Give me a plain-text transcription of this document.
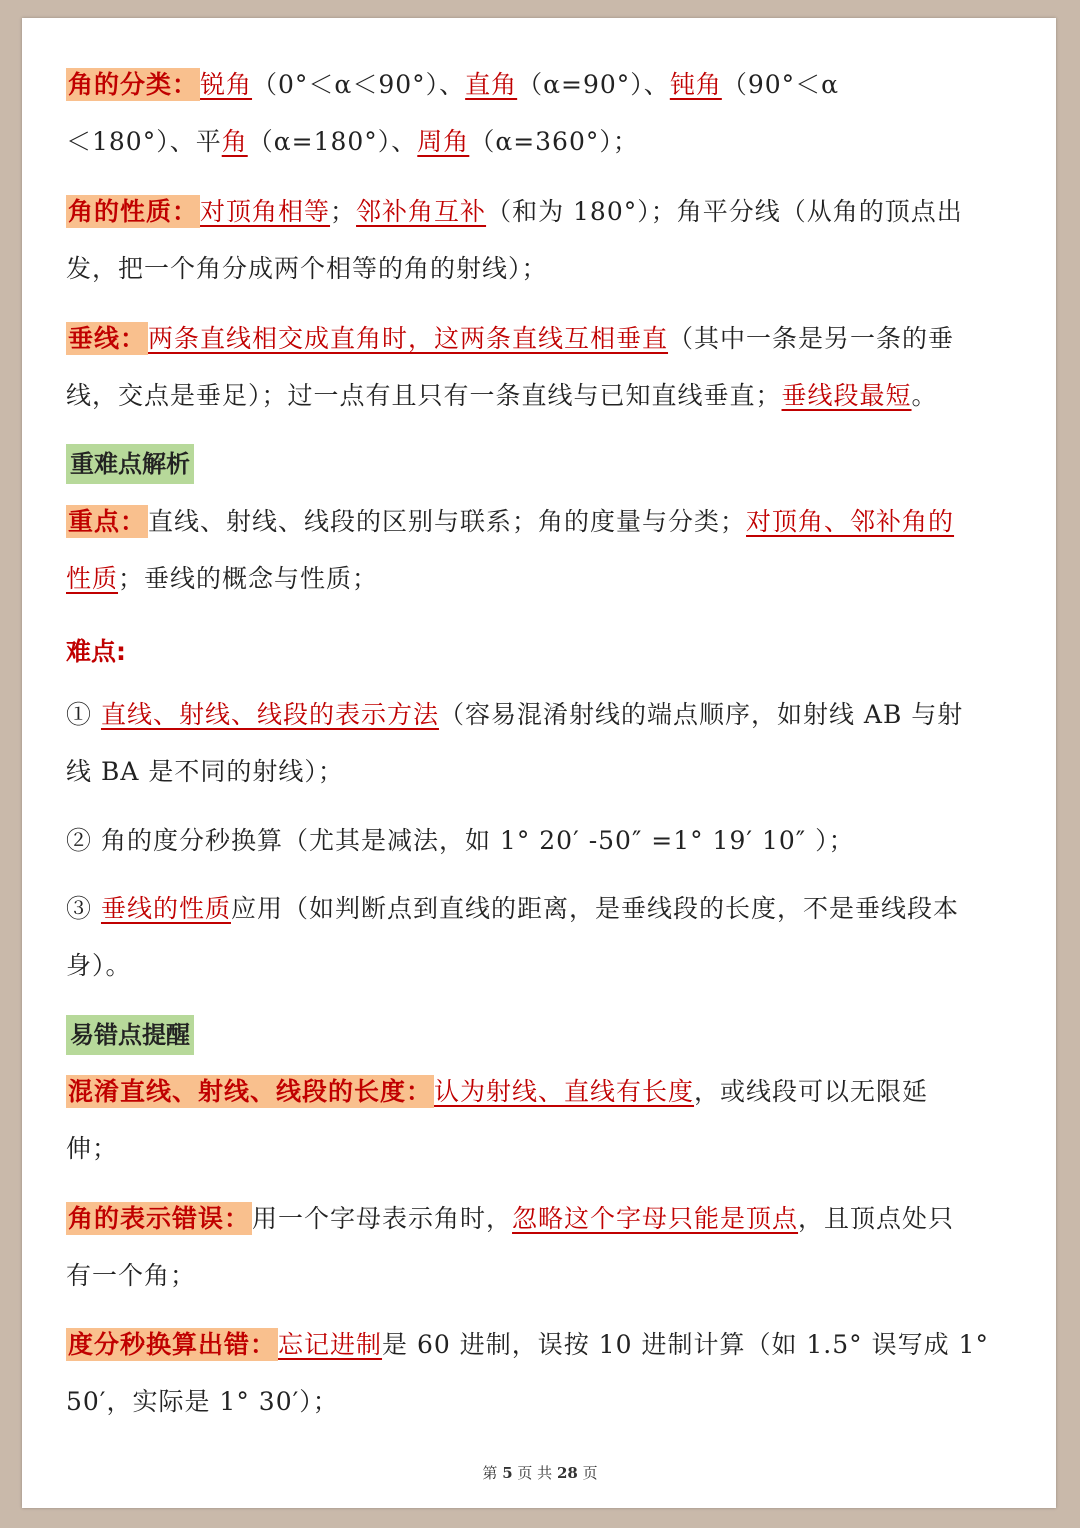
角的分类：锐角（0°＜α＜90°）、直角（α=90°）、钝角（90°＜α
＜180°）、平角（α=180°）、周角（α=360°）；
角的性质：对顶角相等；邻补角互补（和为 180°）；角平分线（从角的顶点出
发，把一个角分成两个相等的角的射线）；
垂线：两条直线相交成直角时，这两条直线互相垂直（其中一条是另一条的垂
线，交点是垂足）；过一点有且只有一条直线与已知直线垂直；垂线段最短。
重难点解析
重点：直线、射线、线段的区别与联系；角的度量与分类；对顶角、邻补角的
性质；垂线的概念与性质；
难点:
① 直线、射线、线段的表示方法（容易混淆射线的端点顺序，如射线 AB 与射
线 BA 是不同的射线）；
② 角的度分秒换算（尤其是减法，如 1° 20′ -50″ =1° 19′ 10″ ）；
③ 垂线的性质应用（如判断点到直线的距离，是垂线段的长度，不是垂线段本
身）。
易错点提醒
混淆直线、射线、线段的长度：认为射线、直线有长度，或线段可以无限延
伸；
角的表示错误：用一个字母表示角时，忽略这个字母只能是顶点，且顶点处只
有一个角；
度分秒换算出错：忘记进制是 60 进制，误按 10 进制计算（如 1.5° 误写成 1°
50′，实际是 1° 30′）；
第 5 页 共 28 页
